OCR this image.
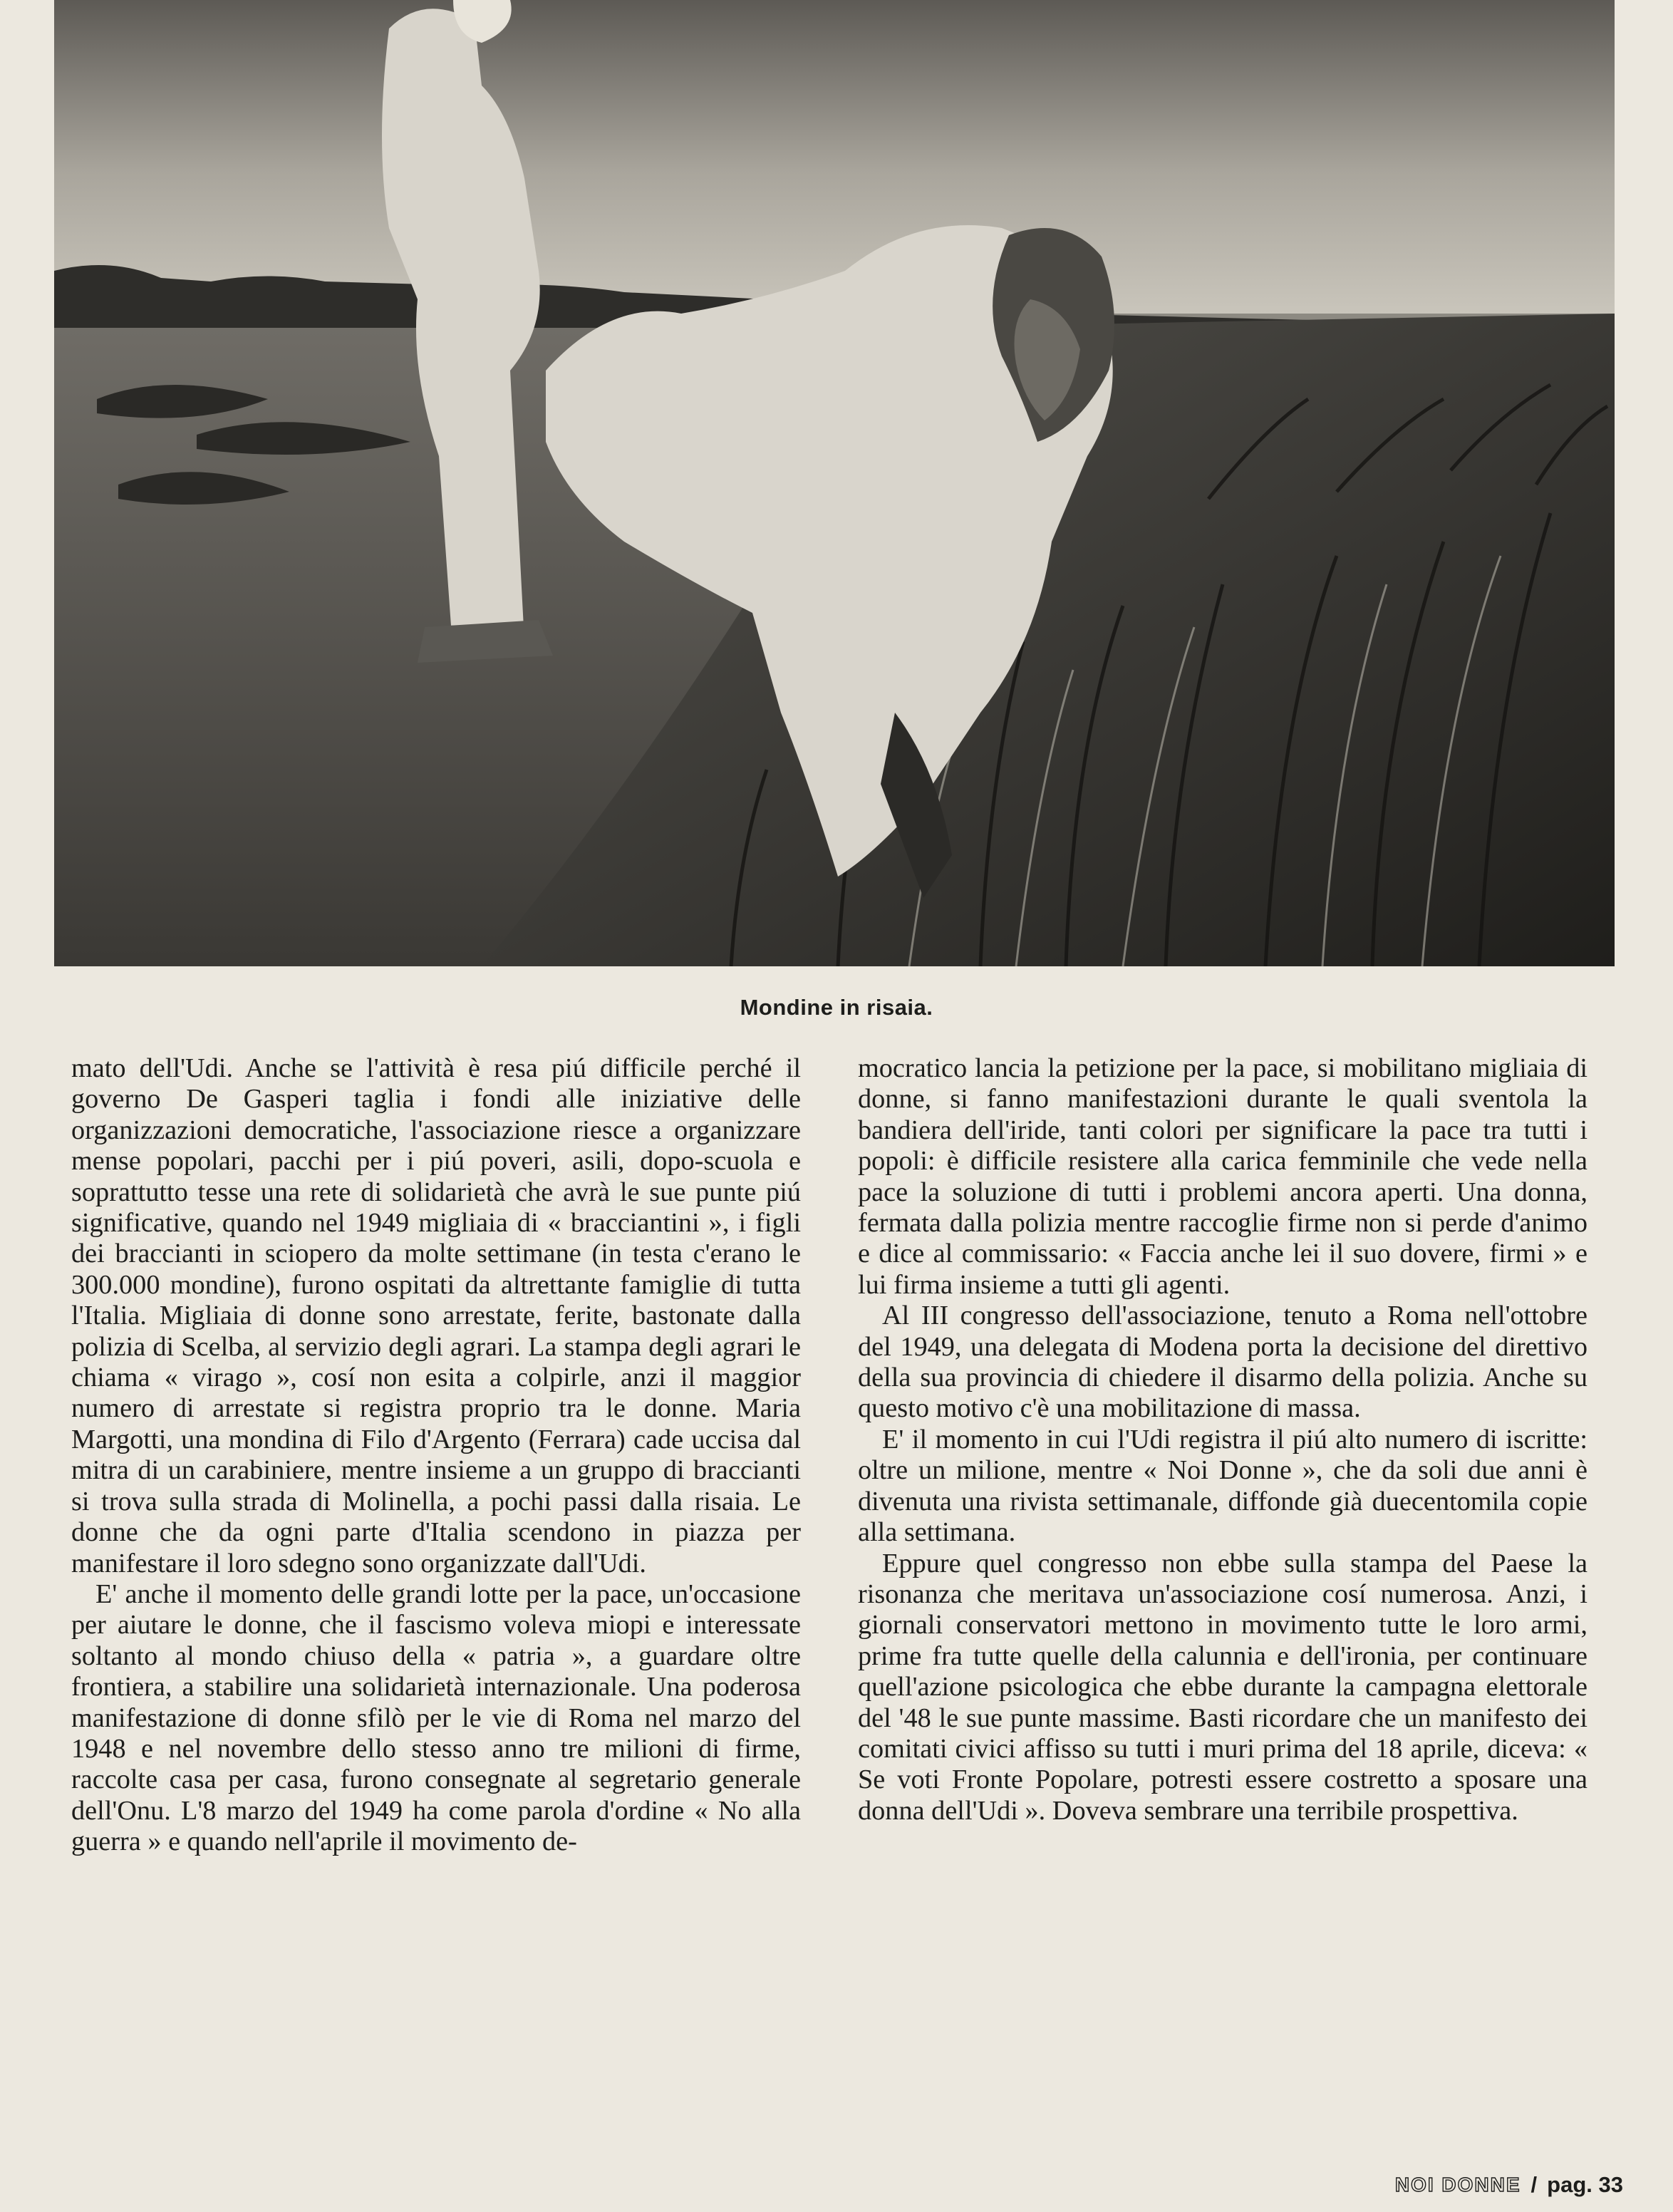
Mondine in risaia.

mato dell'Udi. Anche se l'attività è resa piú difficile perché il governo De Gasperi taglia i fondi alle iniziative delle organizzazioni democratiche, l'associazione riesce a organizzare mense popolari, pacchi per i piú poveri, asili, dopo-scuola e soprattutto tesse una rete di solidarietà che avrà le sue punte piú significative, quando nel 1949 migliaia di « bracciantini », i figli dei braccianti in sciopero da molte settimane (in testa c'erano le 300.000 mondine), furono ospitati da altrettante famiglie di tutta l'Italia. Migliaia di donne sono arrestate, ferite, bastonate dalla polizia di Scelba, al servizio degli agrari. La stampa degli agrari le chiama « virago », cosí non esita a colpirle, anzi il maggior numero di arrestate si registra proprio tra le donne. Maria Margotti, una mondina di Filo d'Argento (Ferrara) cade uccisa dal mitra di un carabiniere, mentre insieme a un gruppo di braccianti si trova sulla strada di Molinella, a pochi passi dalla risaia. Le donne che da ogni parte d'Italia scendono in piazza per manifestare il loro sdegno sono organizzate dall'Udi.

E' anche il momento delle grandi lotte per la pace, un'occasione per aiutare le donne, che il fascismo voleva miopi e interessate soltanto al mondo chiuso della « patria », a guardare oltre frontiera, a stabilire una solidarietà internazionale. Una poderosa manifestazione di donne sfilò per le vie di Roma nel marzo del 1948 e nel novembre dello stesso anno tre milioni di firme, raccolte casa per casa, furono consegnate al segretario generale dell'Onu. L'8 marzo del 1949 ha come parola d'ordine « No alla guerra » e quando nell'aprile il movimento de-

mocratico lancia la petizione per la pace, si mobilitano migliaia di donne, si fanno manifestazioni durante le quali sventola la bandiera dell'iride, tanti colori per significare la pace tra tutti i popoli: è difficile resistere alla carica femminile che vede nella pace la soluzione di tutti i problemi ancora aperti. Una donna, fermata dalla polizia mentre raccoglie firme non si perde d'animo e dice al commissario: « Faccia anche lei il suo dovere, firmi » e lui firma insieme a tutti gli agenti.

Al III congresso dell'associazione, tenuto a Roma nell'ottobre del 1949, una delegata di Modena porta la decisione del direttivo della sua provincia di chiedere il disarmo della polizia. Anche su questo motivo c'è una mobilitazione di massa.

E' il momento in cui l'Udi registra il piú alto numero di iscritte: oltre un milione, mentre « Noi Donne », che da soli due anni è divenuta una rivista settimanale, diffonde già duecentomila copie alla settimana.

Eppure quel congresso non ebbe sulla stampa del Paese la risonanza che meritava un'associazione cosí numerosa. Anzi, i giornali conservatori mettono in movimento tutte le loro armi, prime fra tutte quelle della calunnia e dell'ironia, per continuare quell'azione psicologica che ebbe durante la campagna elettorale del '48 le sue punte massime. Basti ricordare che un manifesto dei comitati civici affisso su tutti i muri prima del 18 aprile, diceva: « Se voti Fronte Popolare, potresti essere costretto a sposare una donna dell'Udi ». Doveva sembrare una terribile prospettiva.

NOI DONNE / pag. 33
